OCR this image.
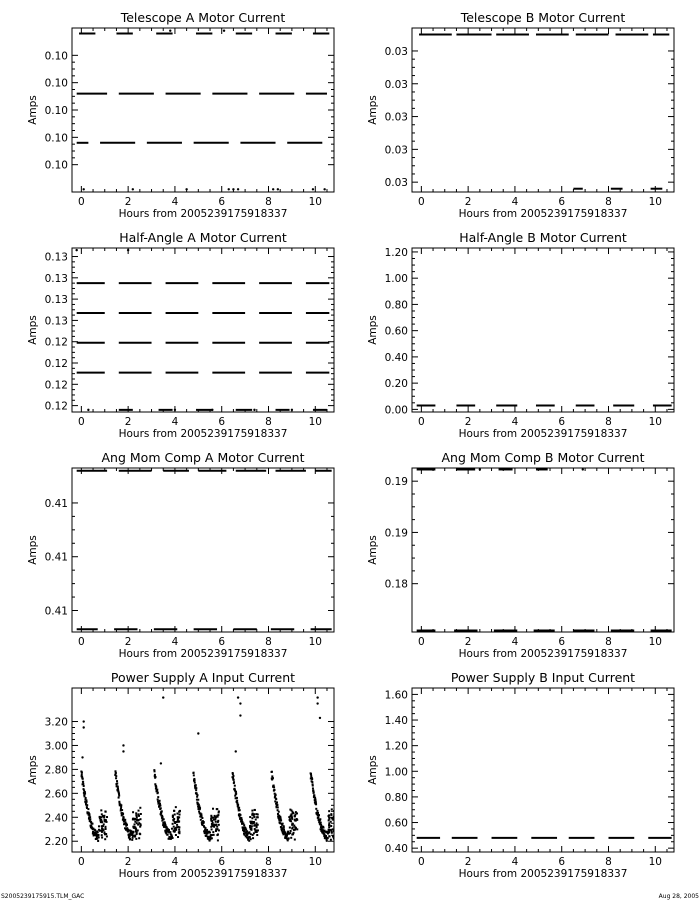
Telescope A Motor Current
0	2	4	6	8	10
0.10
0.10
0.10
0.10
0.10
Hours from 2005239175918337
Amps
Telescope B Motor Current
0	2	4	6	8	10
0.03
0.03
0.03
0.03
0.03
Hours from 2005239175918337
Amps
Half-Angle A Motor Current
0	2	4	6	8	10
0.12
0.12
0.12
0.12
0.13
0.13
0.13
0.13
Hours from 2005239175918337
Amps
Half-Angle B Motor Current
0	2	4	6	8	10
0.00
0.20
0.40
0.60
0.80
1.00
1.20
Hours from 2005239175918337
Amps
Ang Mom Comp A Motor Current
0	2	4	6	8	10
0.41
0.41
0.41
Hours from 2005239175918337
Amps
Ang Mom Comp B Motor Current
0	2	4	6	8	10
0.18
0.19
0.19
Hours from 2005239175918337
Amps
Power Supply A Input Current
0	2	4	6	8	10
2.20
2.40
2.60
2.80
3.00
3.20
Hours from 2005239175918337
Amps
Power Supply B Input Current
0	2	4	6	8	10
0.40
0.60
0.80
1.00
1.20
1.40
1.60
Hours from 2005239175918337
Amps
S2005239175915.TLM_GAC	Aug 28, 2005
